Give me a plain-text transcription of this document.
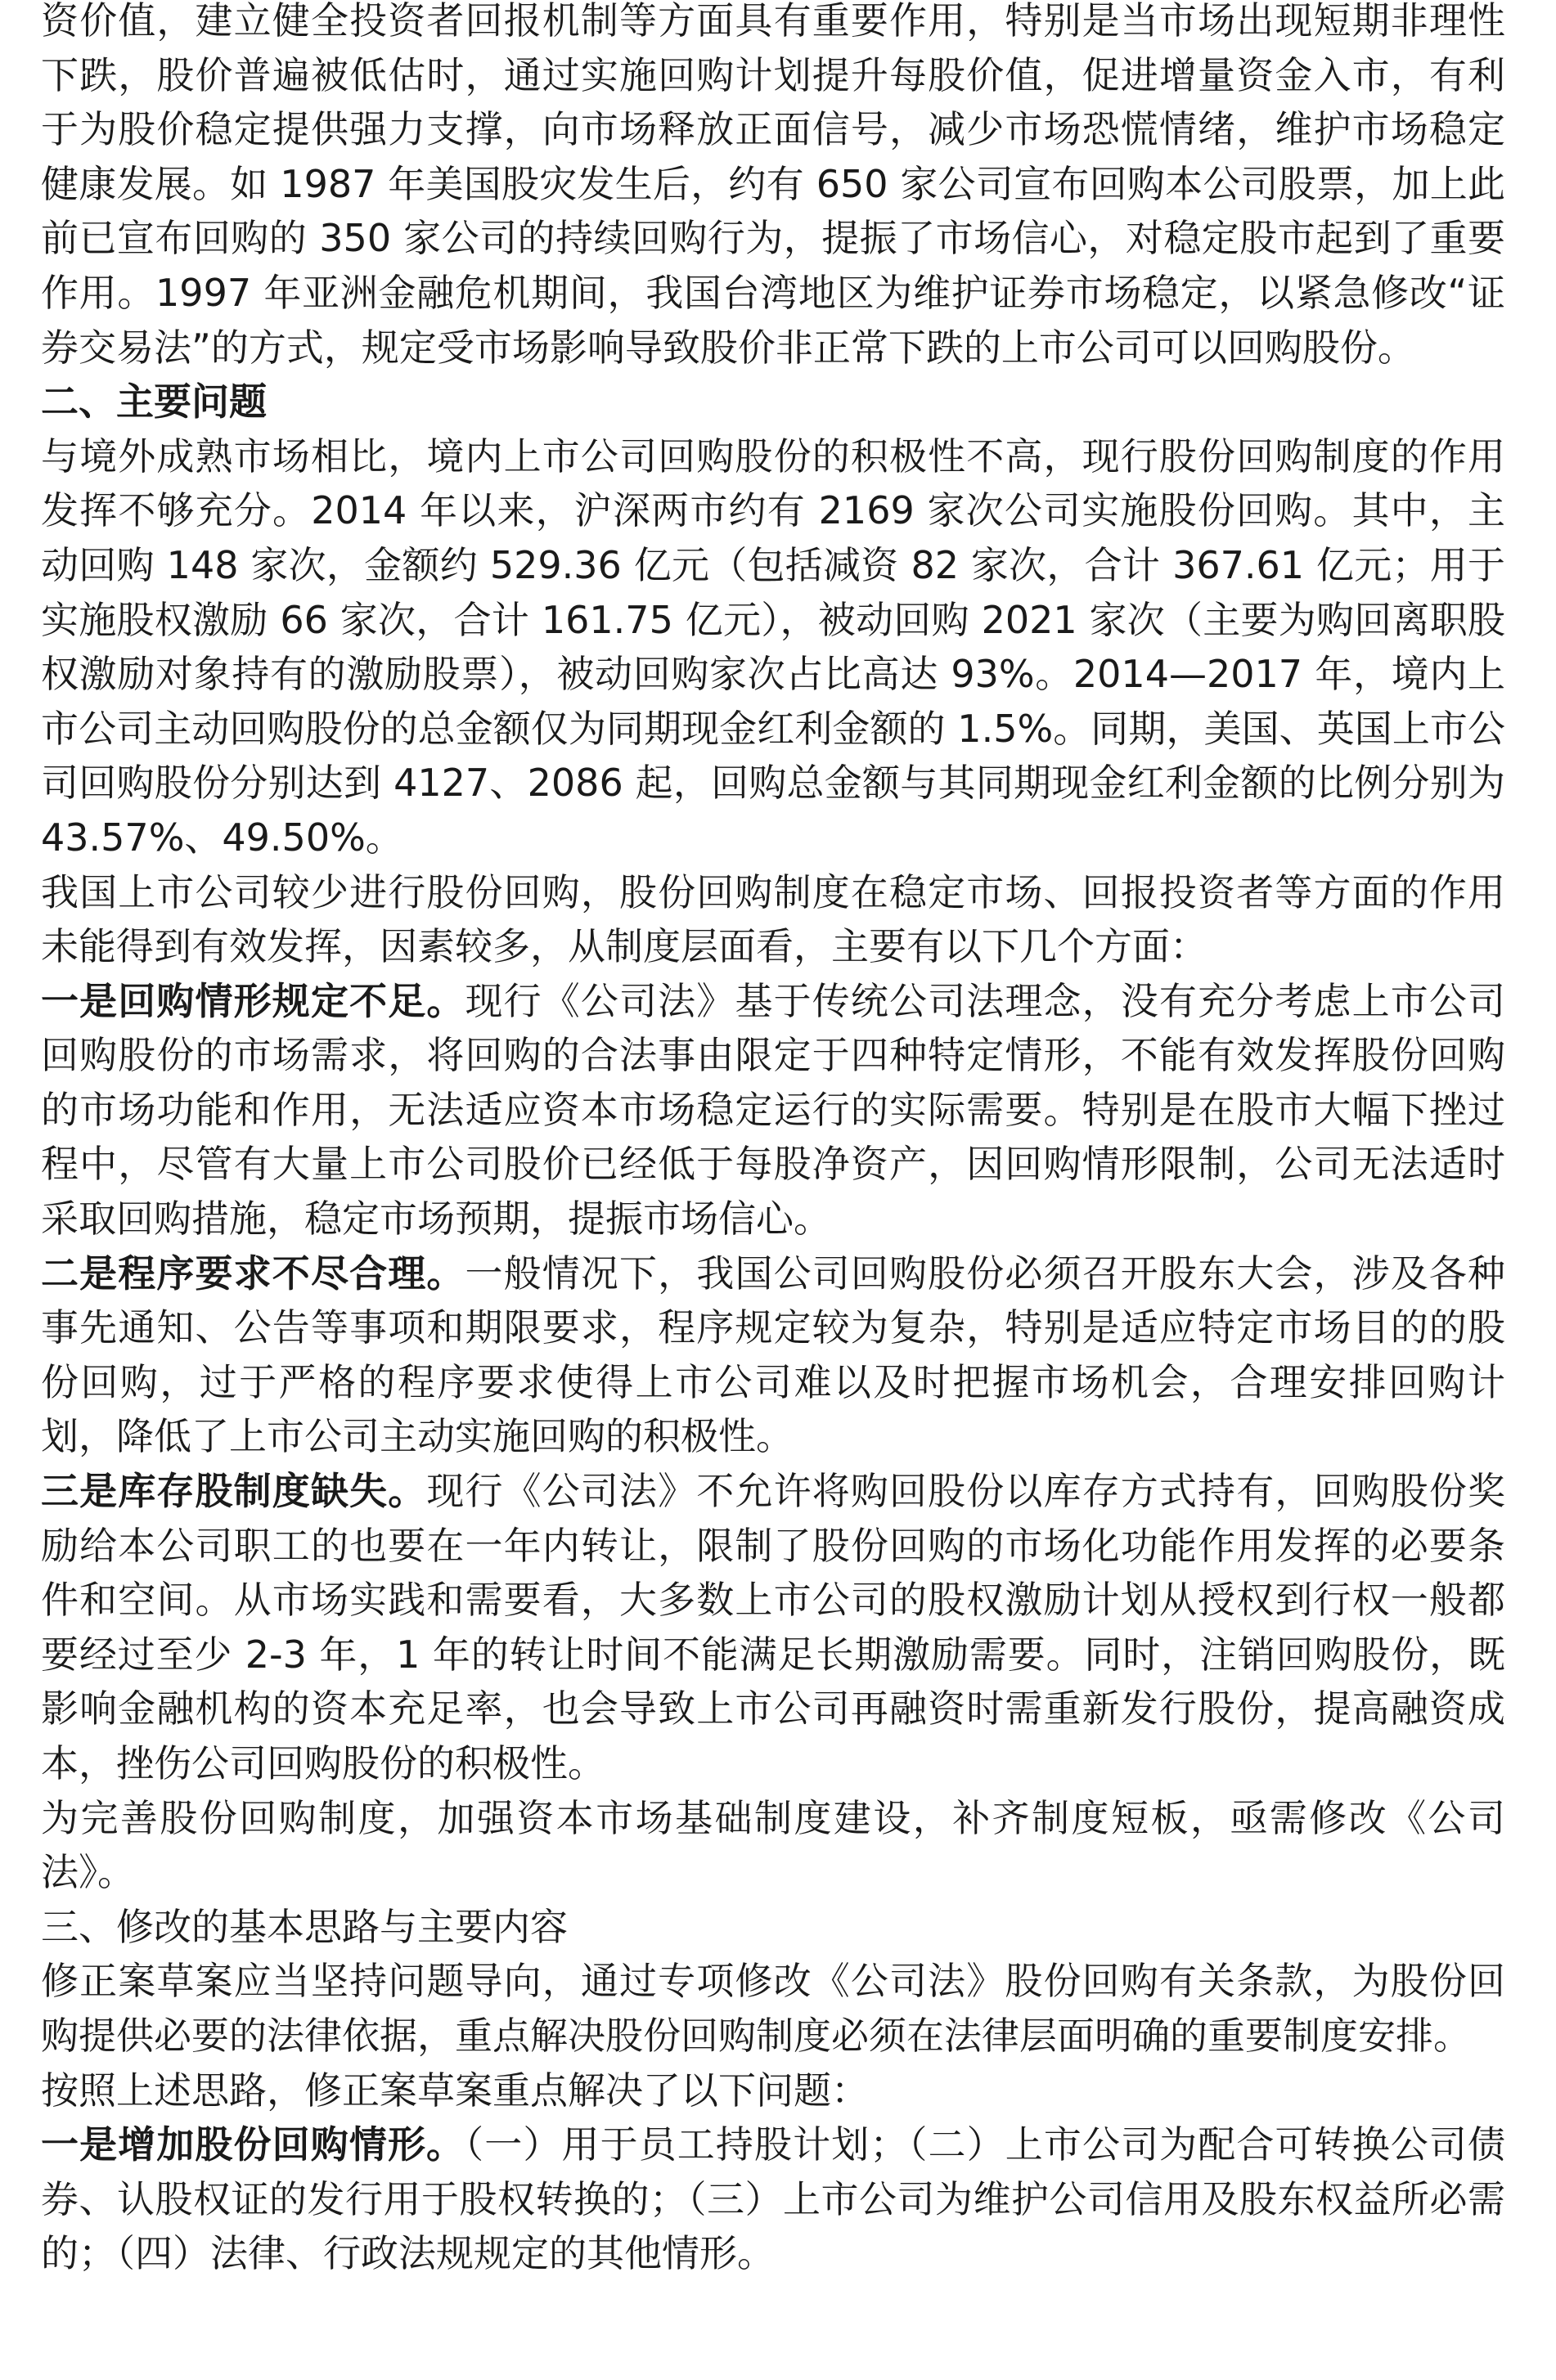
资价值，建立健全投资者回报机制等方面具有重要作用，特别是当市场出现短期非理性下跌，股价普遍被低估时，通过实施回购计划提升每股价值，促进增量资金入市，有利于为股价稳定提供强力支撑，向市场释放正面信号，减少市场恐慌情绪，维护市场稳定健康发展。如 1987 年美国股灾发生后，约有 650 家公司宣布回购本公司股票，加上此前已宣布回购的 350 家公司的持续回购行为，提振了市场信心，对稳定股市起到了重要作用。1997 年亚洲金融危机期间，我国台湾地区为维护证券市场稳定，以紧急修改“证券交易法”的方式，规定受市场影响导致股价非正常下跌的上市公司可以回购股份。

二、主要问题

与境外成熟市场相比，境内上市公司回购股份的积极性不高，现行股份回购制度的作用发挥不够充分。2014 年以来，沪深两市约有 2169 家次公司实施股份回购。其中，主动回购 148 家次，金额约 529.36 亿元（包括减资 82 家次，合计 367.61 亿元；用于实施股权激励 66 家次，合计 161.75 亿元），被动回购 2021 家次（主要为购回离职股权激励对象持有的激励股票），被动回购家次占比高达 93%。2014—2017 年，境内上市公司主动回购股份的总金额仅为同期现金红利金额的 1.5%。同期，美国、英国上市公司回购股份分别达到 4127、2086 起，回购总金额与其同期现金红利金额的比例分别为 43.57%、49.50%。

我国上市公司较少进行股份回购，股份回购制度在稳定市场、回报投资者等方面的作用未能得到有效发挥，因素较多，从制度层面看，主要有以下几个方面：

一是回购情形规定不足。现行《公司法》基于传统公司法理念，没有充分考虑上市公司回购股份的市场需求，将回购的合法事由限定于四种特定情形，不能有效发挥股份回购的市场功能和作用，无法适应资本市场稳定运行的实际需要。特别是在股市大幅下挫过程中，尽管有大量上市公司股价已经低于每股净资产，因回购情形限制，公司无法适时采取回购措施，稳定市场预期，提振市场信心。

二是程序要求不尽合理。一般情况下，我国公司回购股份必须召开股东大会，涉及各种事先通知、公告等事项和期限要求，程序规定较为复杂，特别是适应特定市场目的的股份回购，过于严格的程序要求使得上市公司难以及时把握市场机会，合理安排回购计划，降低了上市公司主动实施回购的积极性。

三是库存股制度缺失。现行《公司法》不允许将购回股份以库存方式持有，回购股份奖励给本公司职工的也要在一年内转让，限制了股份回购的市场化功能作用发挥的必要条件和空间。从市场实践和需要看，大多数上市公司的股权激励计划从授权到行权一般都要经过至少 2-3 年，1 年的转让时间不能满足长期激励需要。同时，注销回购股份，既影响金融机构的资本充足率，也会导致上市公司再融资时需重新发行股份，提高融资成本，挫伤公司回购股份的积极性。

为完善股份回购制度，加强资本市场基础制度建设，补齐制度短板，亟需修改《公司法》。

三、修改的基本思路与主要内容

修正案草案应当坚持问题导向，通过专项修改《公司法》股份回购有关条款，为股份回购提供必要的法律依据，重点解决股份回购制度必须在法律层面明确的重要制度安排。

按照上述思路，修正案草案重点解决了以下问题：

一是增加股份回购情形。（一）用于员工持股计划；（二）上市公司为配合可转换公司债券、认股权证的发行用于股权转换的；（三）上市公司为维护公司信用及股东权益所必需的；（四）法律、行政法规规定的其他情形。
